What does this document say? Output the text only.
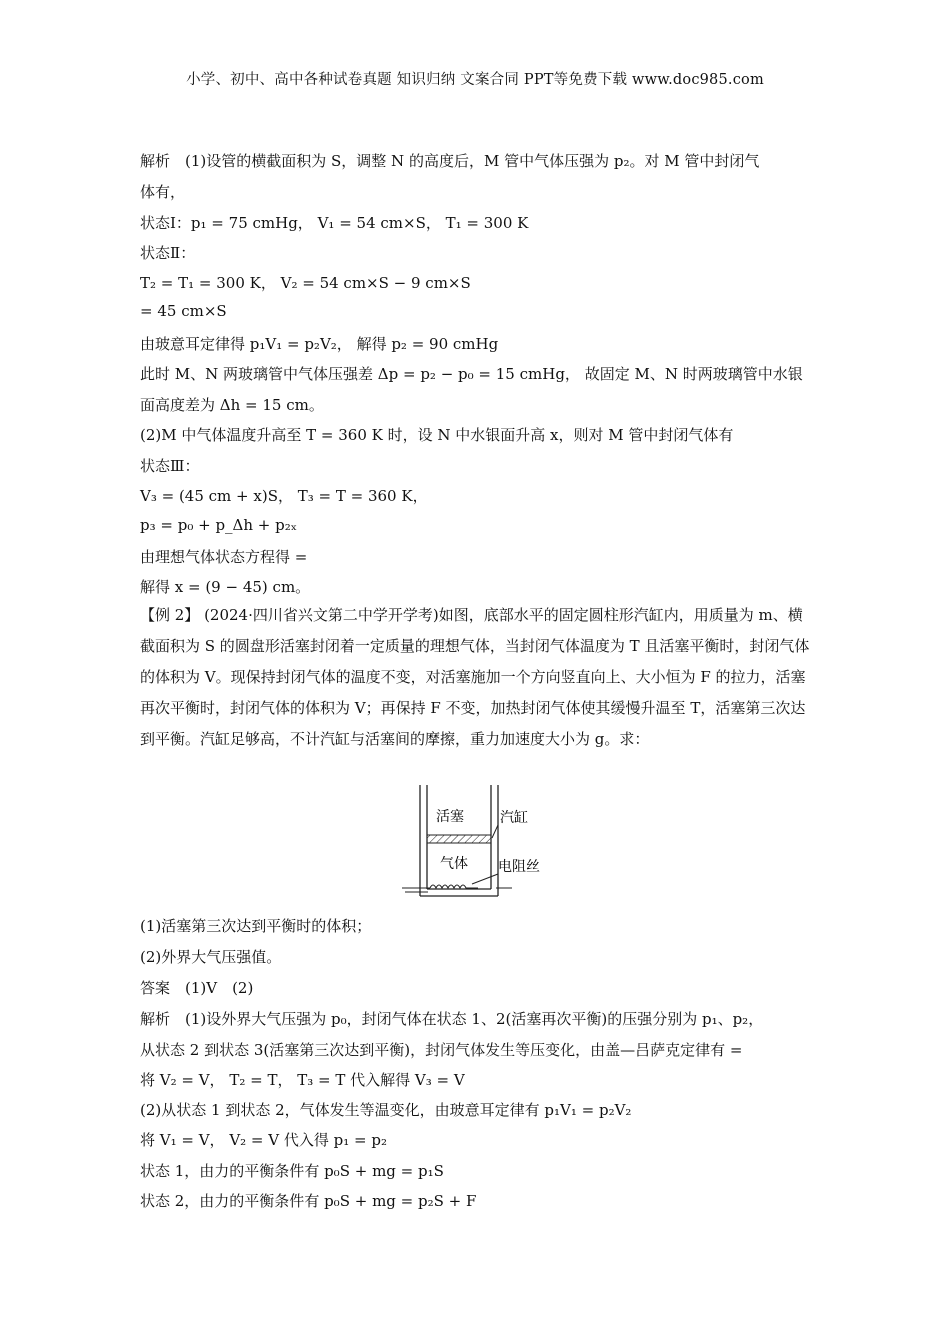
小学、初中、高中各种试卷真题 知识归纳 文案合同 PPT等免费下载 www.doc985.com
解析　(1)设管的横截面积为 S，调整 N 的高度后，M 管中气体压强为 p₂。对 M 管中封闭气
体有，
状态Ⅰ：p₁ = 75 cmHg， V₁ = 54 cm×S， T₁ = 300 K
状态Ⅱ：
T₂ = T₁ = 300 K， V₂ = 54 cm×S − 9 cm×S
= 45 cm×S
由玻意耳定律得 p₁V₁ = p₂V₂， 解得 p₂ = 90 cmHg
此时 M、N 两玻璃管中气体压强差 Δp = p₂ − p₀ = 15 cmHg， 故固定 M、N 时两玻璃管中水银
面高度差为 Δh = 15 cm。
(2)M 中气体温度升高至 T = 360 K 时，设 N 中水银面升高 x，则对 M 管中封闭气体有
状态Ⅲ：
V₃ = (45 cm + x)S， T₃ = T = 360 K，
p₃ = p₀ + p_Δh + p₂ₓ
由理想气体状态方程得 =
解得 x = (9 − 45) cm。
【例 2】 (2024·四川省兴文第二中学开学考)如图，底部水平的固定圆柱形汽缸内，用质量为 m、横截面积为 S 的圆盘形活塞封闭着一定质量的理想气体，当封闭气体温度为 T 且活塞平衡时，封闭气体的体积为 V。现保持封闭气体的温度不变，对活塞施加一个方向竖直向上、大小恒为 F 的拉力，活塞再次平衡时，封闭气体的体积为 V；再保持 F 不变，加热封闭气体使其缓慢升温至 T，活塞第三次达到平衡。汽缸足够高，不计汽缸与活塞间的摩擦，重力加速度大小为 g。求：
活塞
气体
汽缸
电阻丝
(1)活塞第三次达到平衡时的体积；
(2)外界大气压强值。
答案　(1)V　(2)
解析　(1)设外界大气压强为 p₀，封闭气体在状态 1、2(活塞再次平衡)的压强分别为 p₁、p₂，
从状态 2 到状态 3(活塞第三次达到平衡)，封闭气体发生等压变化，由盖—吕萨克定律有 =
将 V₂ = V， T₂ = T， T₃ = T 代入解得 V₃ = V
(2)从状态 1 到状态 2，气体发生等温变化，由玻意耳定律有 p₁V₁ = p₂V₂
将 V₁ = V， V₂ = V 代入得 p₁ = p₂
状态 1，由力的平衡条件有 p₀S + mg = p₁S
状态 2，由力的平衡条件有 p₀S + mg = p₂S + F
